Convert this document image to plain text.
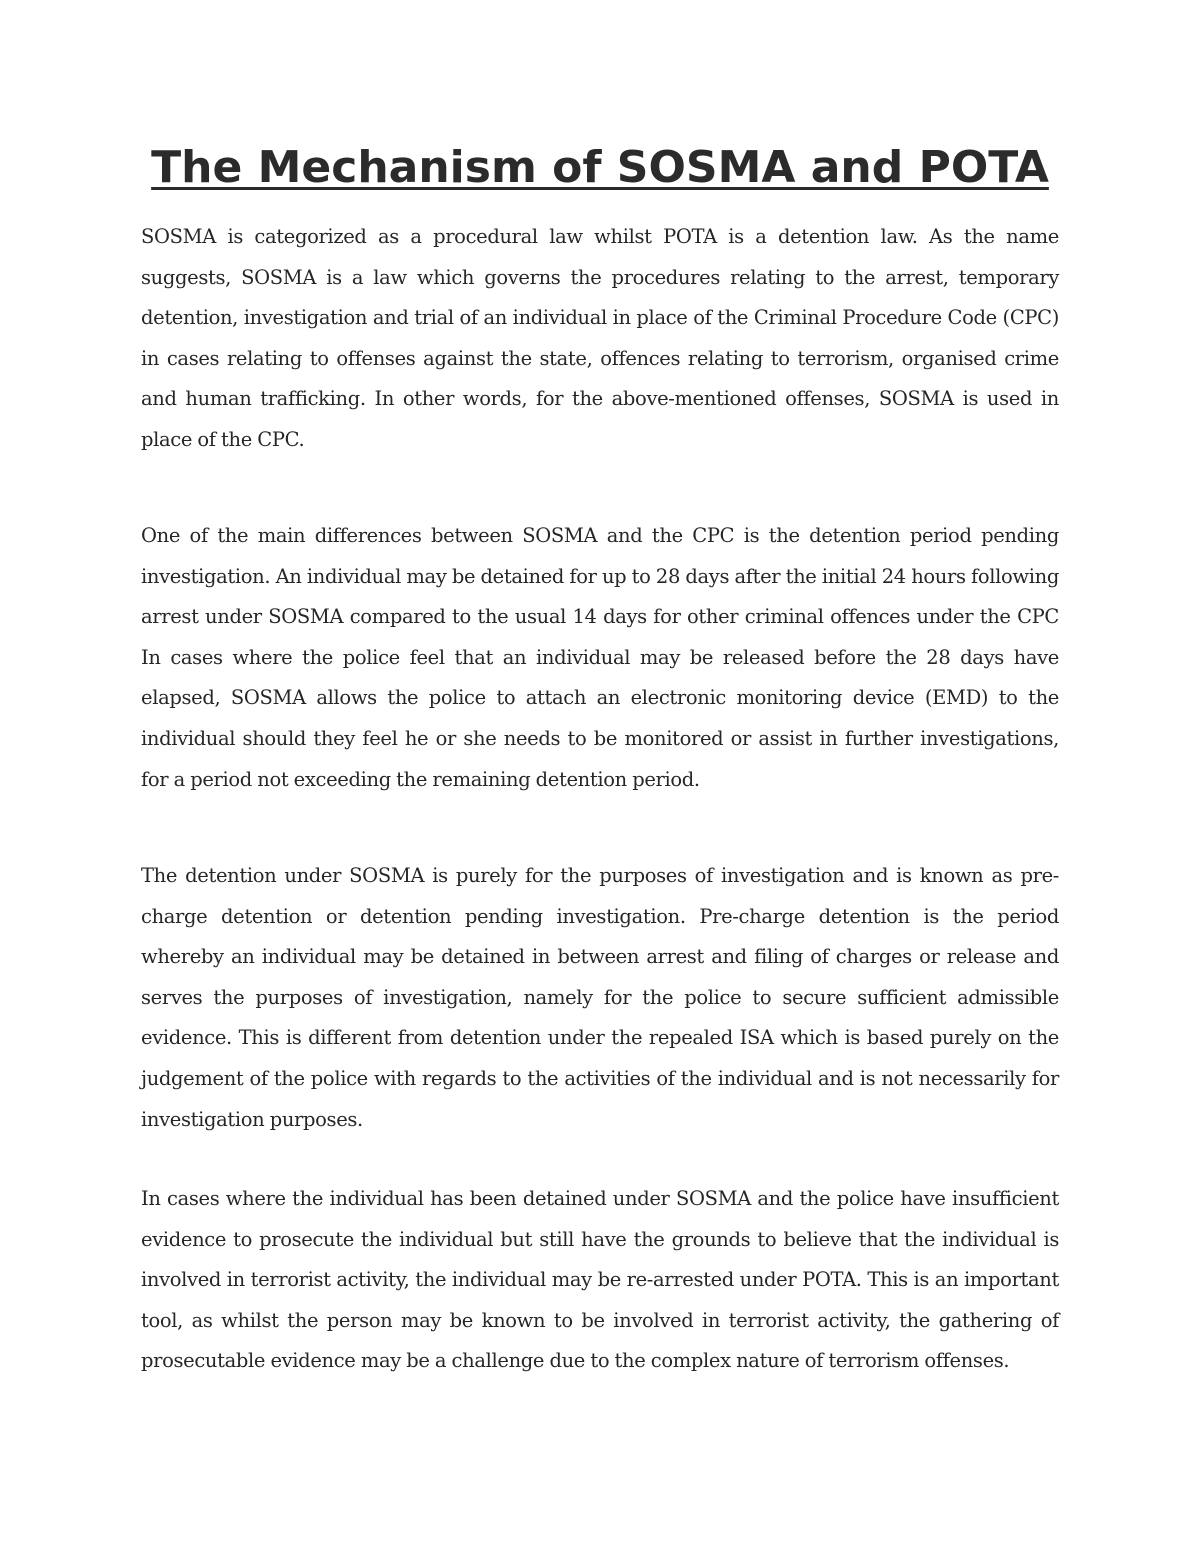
The Mechanism of SOSMA and POTA

SOSMA is categorized as a procedural law whilst POTA is a detention law. As the name suggests, SOSMA is a law which governs the procedures relating to the arrest, temporary detention, investigation and trial of an individual in place of the Criminal Procedure Code (CPC) in cases relating to offenses against the state, offences relating to terrorism, organised crime and human trafficking. In other words, for the above-mentioned offenses, SOSMA is used in place of the CPC.

One of the main differences between SOSMA and the CPC is the detention period pending investigation. An individual may be detained for up to 28 days after the initial 24 hours following arrest under SOSMA compared to the usual 14 days for other criminal offences under the CPC In cases where the police feel that an individual may be released before the 28 days have elapsed, SOSMA allows the police to attach an electronic monitoring device (EMD) to the individual should they feel he or she needs to be monitored or assist in further investigations, for a period not exceeding the remaining detention period.

The detention under SOSMA is purely for the purposes of investigation and is known as pre-charge detention or detention pending investigation. Pre-charge detention is the period whereby an individual may be detained in between arrest and filing of charges or release and serves the purposes of investigation, namely for the police to secure sufficient admissible evidence. This is different from detention under the repealed ISA which is based purely on the judgement of the police with regards to the activities of the individual and is not necessarily for investigation purposes.

In cases where the individual has been detained under SOSMA and the police have insufficient evidence to prosecute the individual but still have the grounds to believe that the individual is involved in terrorist activity, the individual may be re-arrested under POTA. This is an important tool, as whilst the person may be known to be involved in terrorist activity, the gathering of prosecutable evidence may be a challenge due to the complex nature of terrorism offenses.
